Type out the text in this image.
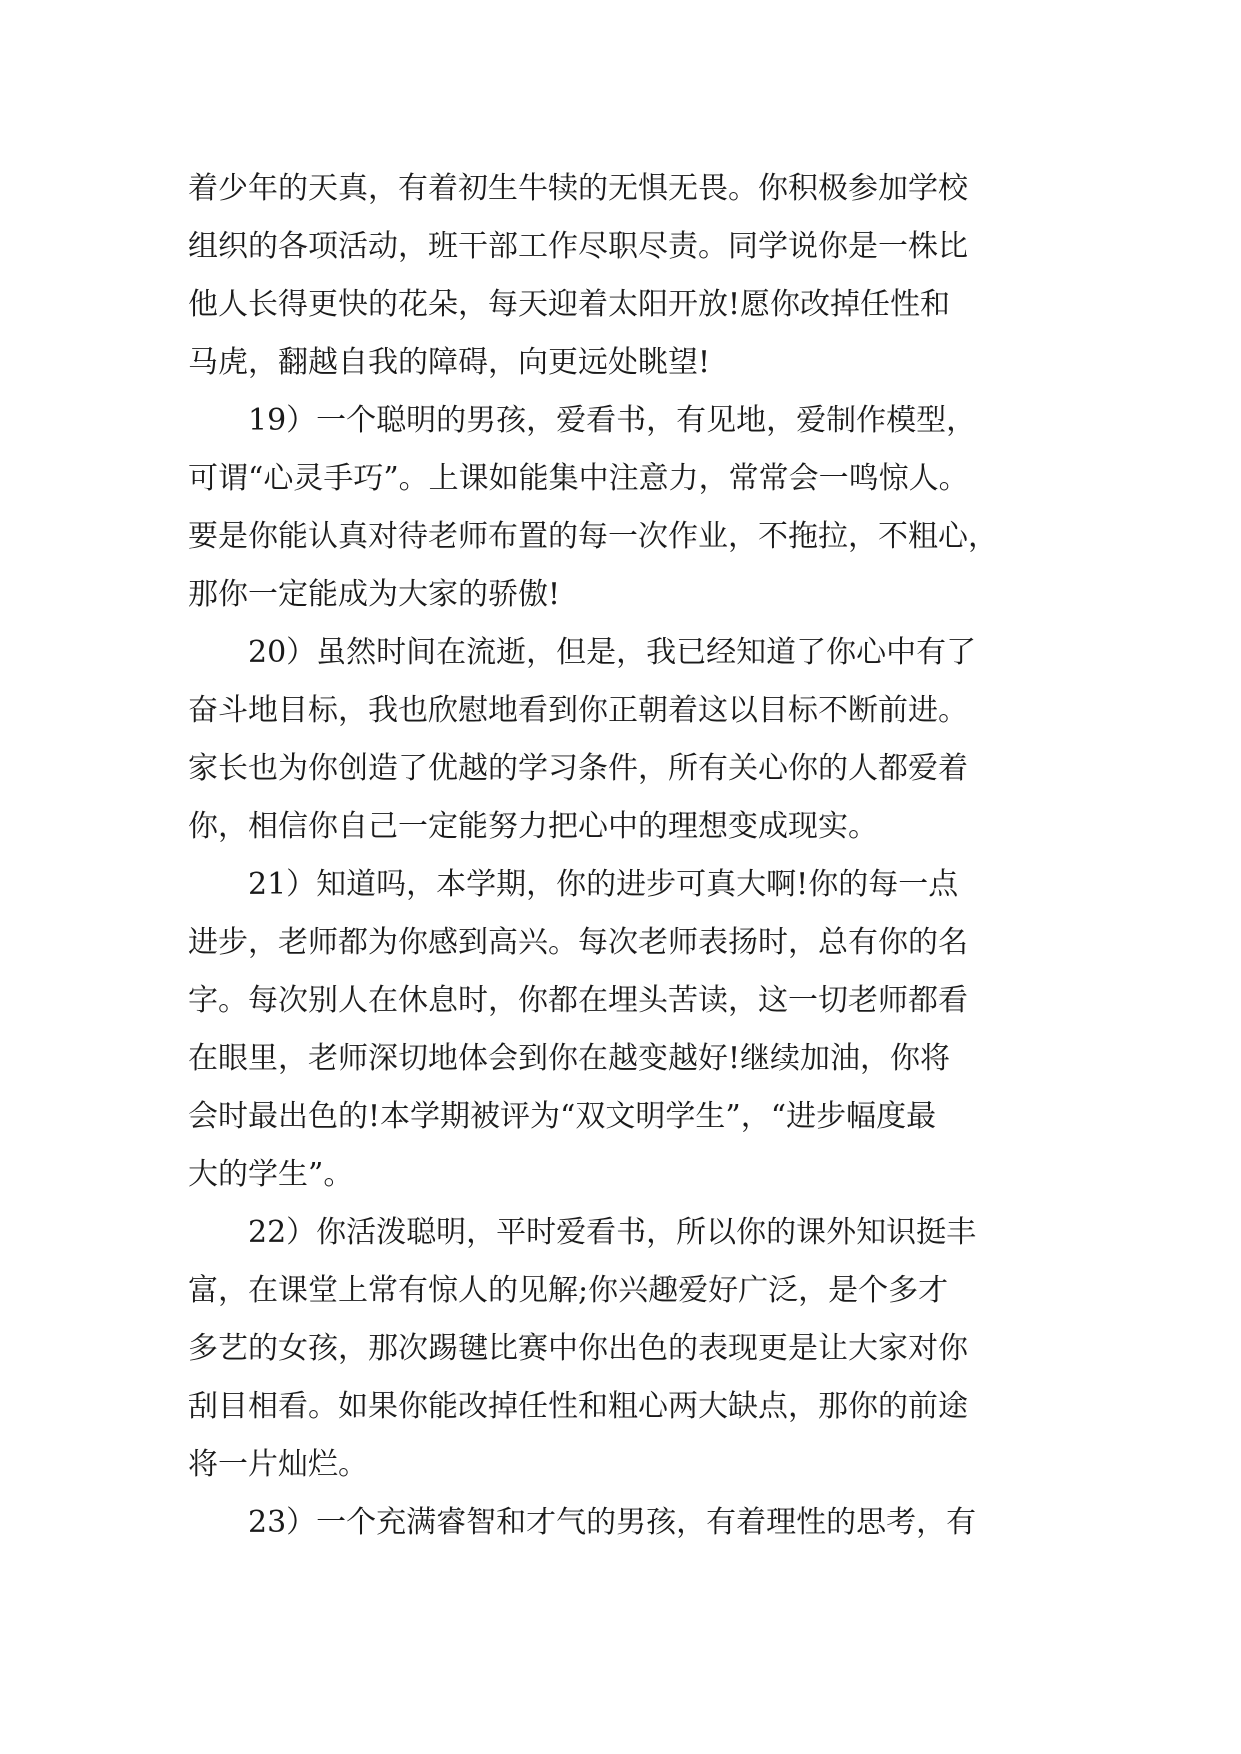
着少年的天真，有着初生牛犊的无惧无畏。你积极参加学校
组织的各项活动，班干部工作尽职尽责。同学说你是一株比
他人长得更快的花朵，每天迎着太阳开放!愿你改掉任性和
马虎，翻越自我的障碍，向更远处眺望!
19）一个聪明的男孩，爱看书，有见地，爱制作模型，
可谓“心灵手巧”。上课如能集中注意力，常常会一鸣惊人。
要是你能认真对待老师布置的每一次作业，不拖拉，不粗心，
那你一定能成为大家的骄傲!
20）虽然时间在流逝，但是，我已经知道了你心中有了
奋斗地目标，我也欣慰地看到你正朝着这以目标不断前进。
家长也为你创造了优越的学习条件，所有关心你的人都爱着
你，相信你自己一定能努力把心中的理想变成现实。
21）知道吗，本学期，你的进步可真大啊!你的每一点
进步，老师都为你感到高兴。每次老师表扬时，总有你的名
字。每次别人在休息时，你都在埋头苦读，这一切老师都看
在眼里，老师深切地体会到你在越变越好!继续加油，你将
会时最出色的!本学期被评为“双文明学生”，“进步幅度最
大的学生”。
22）你活泼聪明，平时爱看书，所以你的课外知识挺丰
富，在课堂上常有惊人的见解;你兴趣爱好广泛，是个多才
多艺的女孩，那次踢毽比赛中你出色的表现更是让大家对你
刮目相看。如果你能改掉任性和粗心两大缺点，那你的前途
将一片灿烂。
23）一个充满睿智和才气的男孩，有着理性的思考，有
